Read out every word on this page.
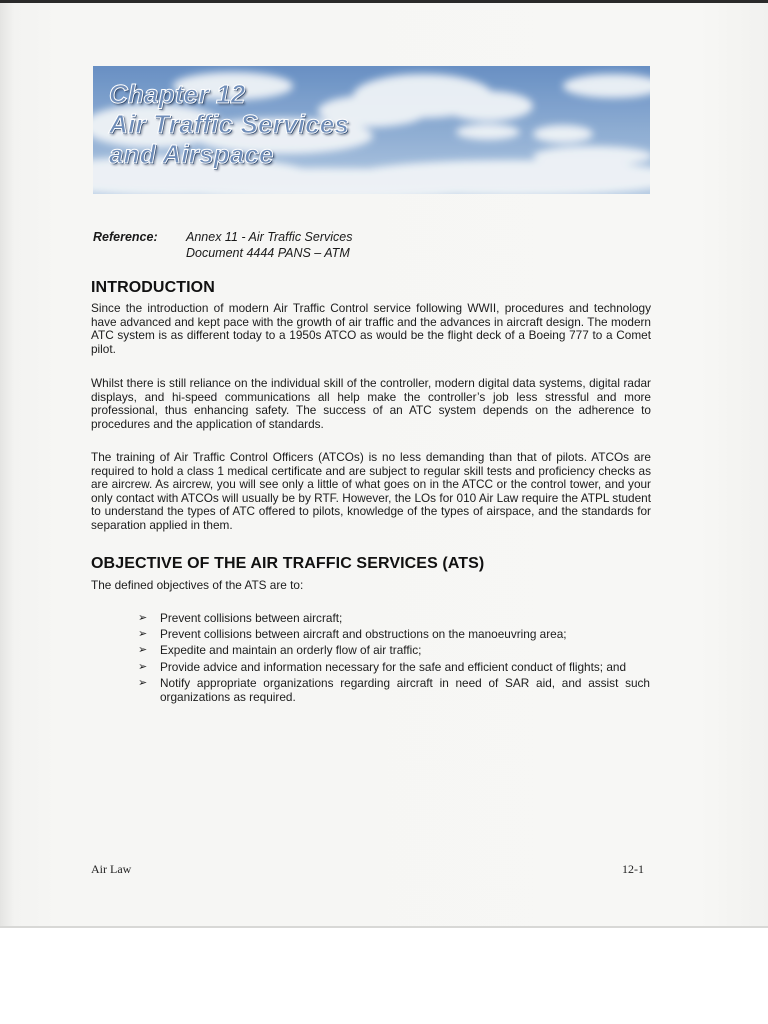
Chapter 12
Air Traffic Services
and Airspace
Reference: Annex 11 - Air Traffic Services
Document 4444 PANS – ATM
INTRODUCTION
Since the introduction of modern Air Traffic Control service following WWII, procedures and technology have advanced and kept pace with the growth of air traffic and the advances in aircraft design. The modern ATC system is as different today to a 1950s ATCO as would be the flight deck of a Boeing 777 to a Comet pilot.
Whilst there is still reliance on the individual skill of the controller, modern digital data systems, digital radar displays, and hi-speed communications all help make the controller’s job less stressful and more professional, thus enhancing safety. The success of an ATC system depends on the adherence to procedures and the application of standards.
The training of Air Traffic Control Officers (ATCOs) is no less demanding than that of pilots. ATCOs are required to hold a class 1 medical certificate and are subject to regular skill tests and proficiency checks as are aircrew. As aircrew, you will see only a little of what goes on in the ATCC or the control tower, and your only contact with ATCOs will usually be by RTF. However, the LOs for 010 Air Law require the ATPL student to understand the types of ATC offered to pilots, knowledge of the types of airspace, and the standards for separation applied in them.
OBJECTIVE OF THE AIR TRAFFIC SERVICES (ATS)
The defined objectives of the ATS are to:
➢ Prevent collisions between aircraft;
➢ Prevent collisions between aircraft and obstructions on the manoeuvring area;
➢ Expedite and maintain an orderly flow of air traffic;
➢ Provide advice and information necessary for the safe and efficient conduct of flights; and
➢ Notify appropriate organizations regarding aircraft in need of SAR aid, and assist such organizations as required.
Air Law	12-1
